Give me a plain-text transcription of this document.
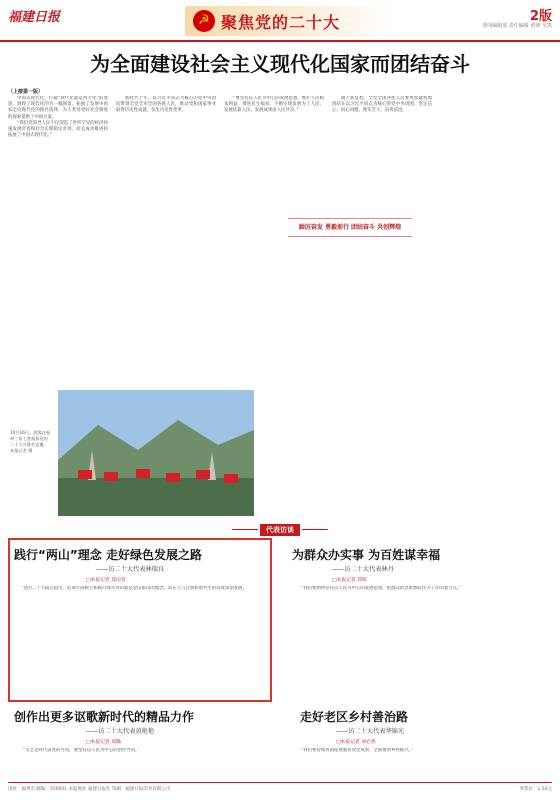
福建日报	☭ 聚焦党的二十大	2版
要闻编辑部 责任编辑 黄锋 吴凯
为全面建设社会主义现代化国家而团结奋斗
（上接第一版）

中国式现代化，打破“现代化就是西方化”的迷思，展现了现代化的另一幅图景，拓展了发展中国家走向现代化的路径选择，为人类对更好社会制度的探索提供了中国方案。

“我们党领导人民不仅创造了世所罕见的经济快速发展奇迹和社会长期稳定奇迹，而且成功推进和拓展了中国式现代化。”

新时代十年，以习近平同志为核心的党中央团结带领全党全军全国各族人民，推动党和国家事业取得历史性成就、发生历史性变革。

“要坚持以人民为中心的发展思想，维护人民根本利益，增进民生福祉，不断实现发展为了人民、发展依靠人民、发展成果由人民共享。”

踏上新征程，全党全国各族人民要更加紧密地团结在以习近平同志为核心的党中央周围，坚定信心、同心同德，埋头苦干、奋勇前进。

踔厉奋发 勇毅前行 团结奋斗 共创辉煌
10月16日，游客在福州三坊七巷观看党的二十大开幕会直播。本报记者 摄
代表访谈
践行“两山”理念 走好绿色发展之路
——访二十大代表林瑞良
□本报记者 郑雨萱

党的二十大报告指出，必须牢固树立和践行绿水青山就是金山银山的理念，站在人与自然和谐共生的高度谋划发展。

为群众办实事 为百姓谋幸福
——访二十大代表林丹
□本报记者 郑晖

“我们要始终坚持以人民为中心的发展思想，把群众的急难愁盼作为工作的着力点。”

创作出更多讴歌新时代的精品力作
——访二十大代表黄艳艳
□本报记者 郑璐

“文艺是时代前进的号角，要坚持以人民为中心的创作导向。”

走好老区乡村善治路
——访二十大代表华锦光
□本报记者 刘必然

“我们要持续巩固拓展脱贫攻坚成果，全面推进乡村振兴。”

国址：福州市 邮编：350001 本报地址 福建日报社 印刷：福建日报印务有限公司	零售价：1.50元
